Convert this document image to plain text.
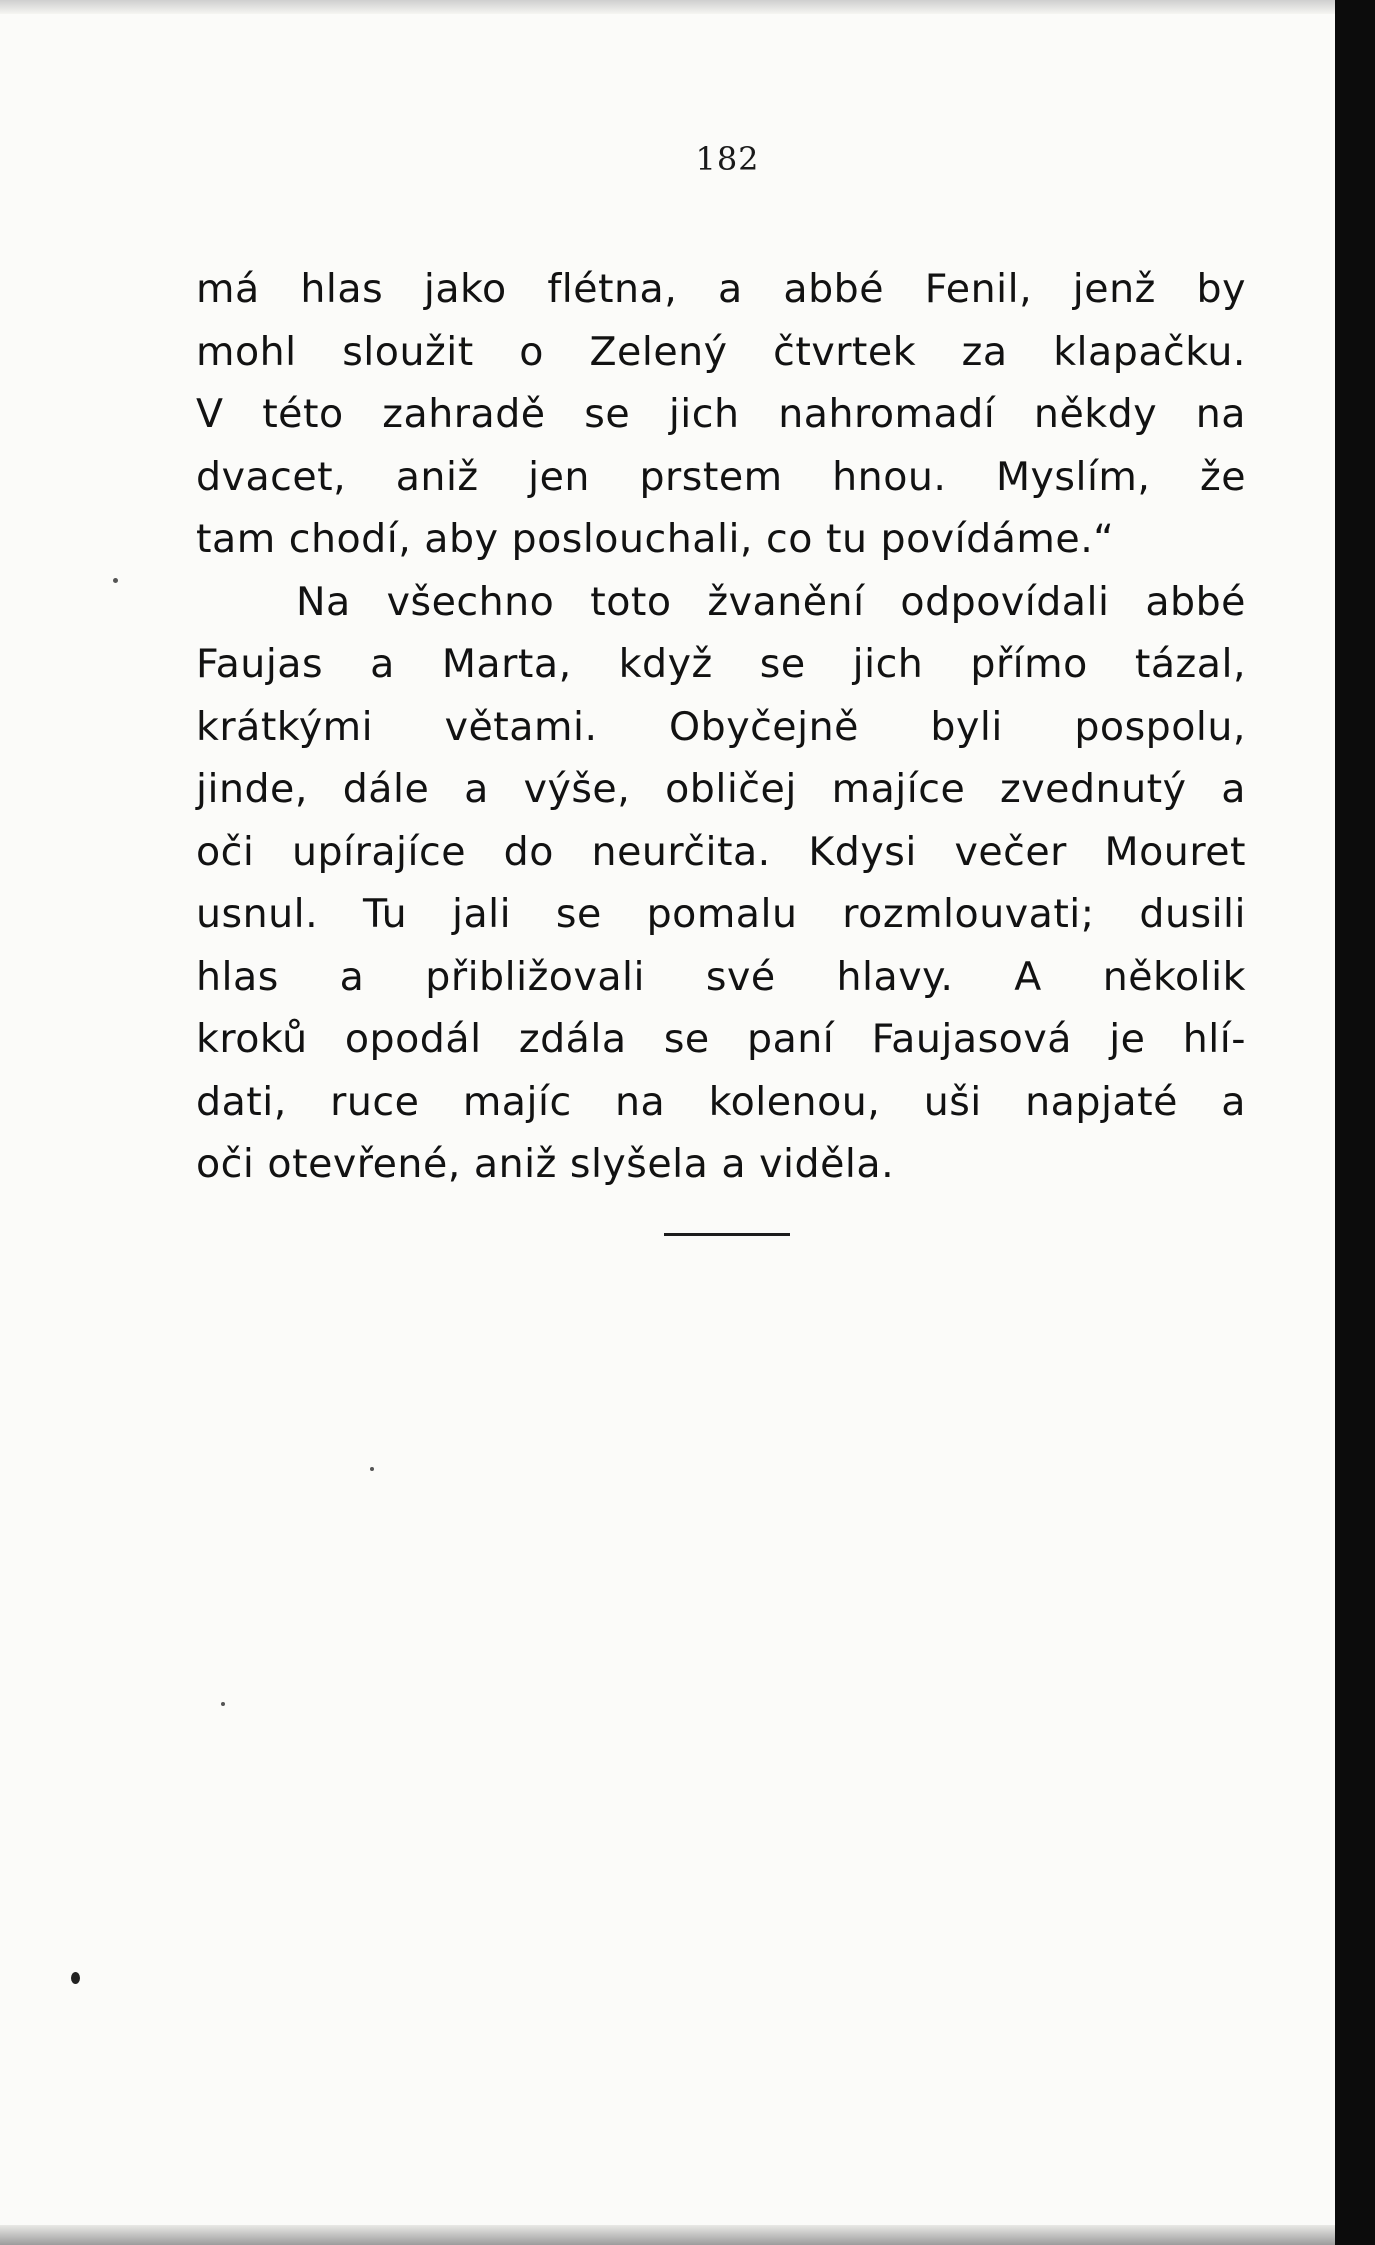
182
má hlas jako flétna, a abbé Fenil, jenž by
mohl sloužit o Zelený čtvrtek za klapačku.
V této zahradě se jich nahromadí někdy na
dvacet, aniž jen prstem hnou. Myslím, že
tam chodí, aby poslouchali, co tu povídáme.“
Na všechno toto žvanění odpovídali abbé
Faujas a Marta, když se jich přímo tázal,
krátkými větami. Obyčejně byli pospolu,
jinde, dále a výše, obličej majíce zvednutý a
oči upírajíce do neurčita. Kdysi večer Mouret
usnul. Tu jali se pomalu rozmlouvati; dusili
hlas a přibližovali své hlavy. A několik
kroků opodál zdála se paní Faujasová je hlí-
dati, ruce majíc na kolenou, uši napjaté a
oči otevřené, aniž slyšela a viděla.
